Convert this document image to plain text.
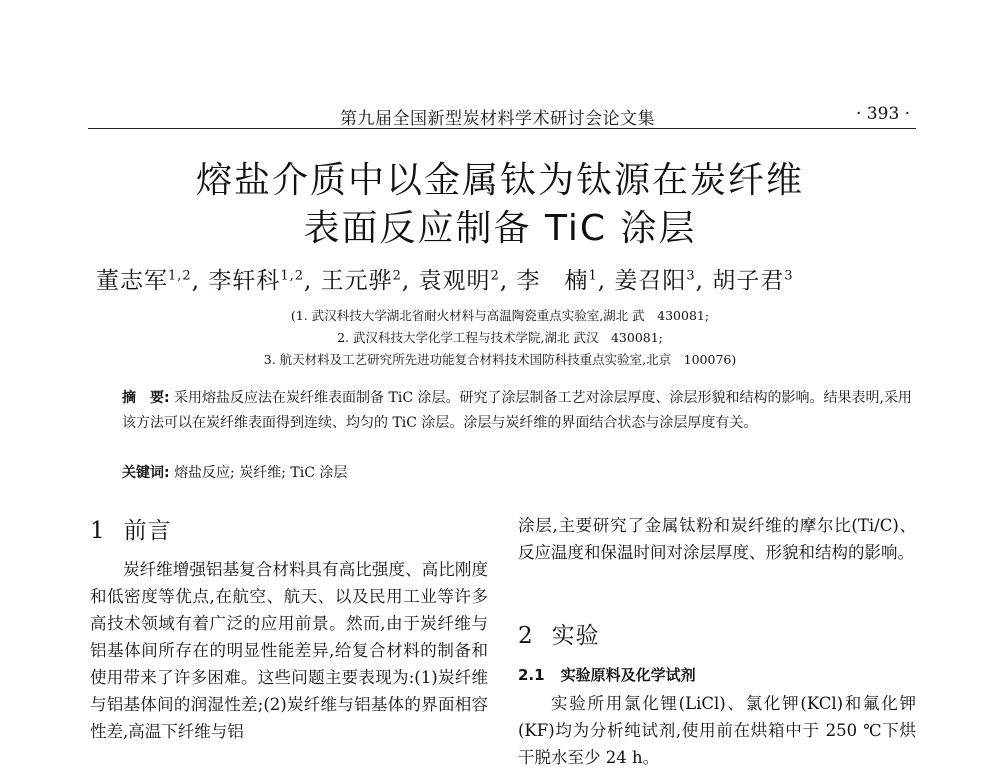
第九届全国新型炭材料学术研讨会论文集	· 393 ·
熔盐介质中以金属钛为钛源在炭纤维
表面反应制备 TiC 涂层
董志军$^{1,2}$, 李轩科$^{1,2}$, 王元骅$^2$, 袁观明$^2$, 李　楠$^1$, 姜召阳$^3$, 胡子君$^3$
(1. 武汉科技大学湖北省耐火材料与高温陶瓷重点实验室,湖北 武　430081;
2. 武汉科技大学化学工程与技术学院,湖北 武汉　430081;
3. 航天材料及工艺研究所先进功能复合材料技术国防科技重点实验室,北京　100076)
摘　要: 采用熔盐反应法在炭纤维表面制备 TiC 涂层。研究了涂层制备工艺对涂层厚度、涂层形貌和结构的影响。结果表明,采用该方法可以在炭纤维表面得到连续、均匀的 TiC 涂层。涂层与炭纤维的界面结合状态与涂层厚度有关。
关键词: 熔盐反应; 炭纤维; TiC 涂层
1 前言

炭纤维增强铝基复合材料具有高比强度、高比刚度和低密度等优点,在航空、航天、以及民用工业等许多高技术领域有着广泛的应用前景。然而,由于炭纤维与铝基体间所存在的明显性能差异,给复合材料的制备和使用带来了许多困难。这些问题主要表现为:(1)炭纤维与铝基体间的润湿性差;(2)炭纤维与铝基体的界面相容性差,高温下纤维与铝

涂层,主要研究了金属钛粉和炭纤维的摩尔比(Ti/C)、反应温度和保温时间对涂层厚度、形貌和结构的影响。

2 实验
2.1 实验原料及化学试剂

实验所用氯化锂(LiCl)、氯化钾(KCl)和氟化钾(KF)均为分析纯试剂,使用前在烘箱中于 250 ℃下烘干脱水至少 24 h。
